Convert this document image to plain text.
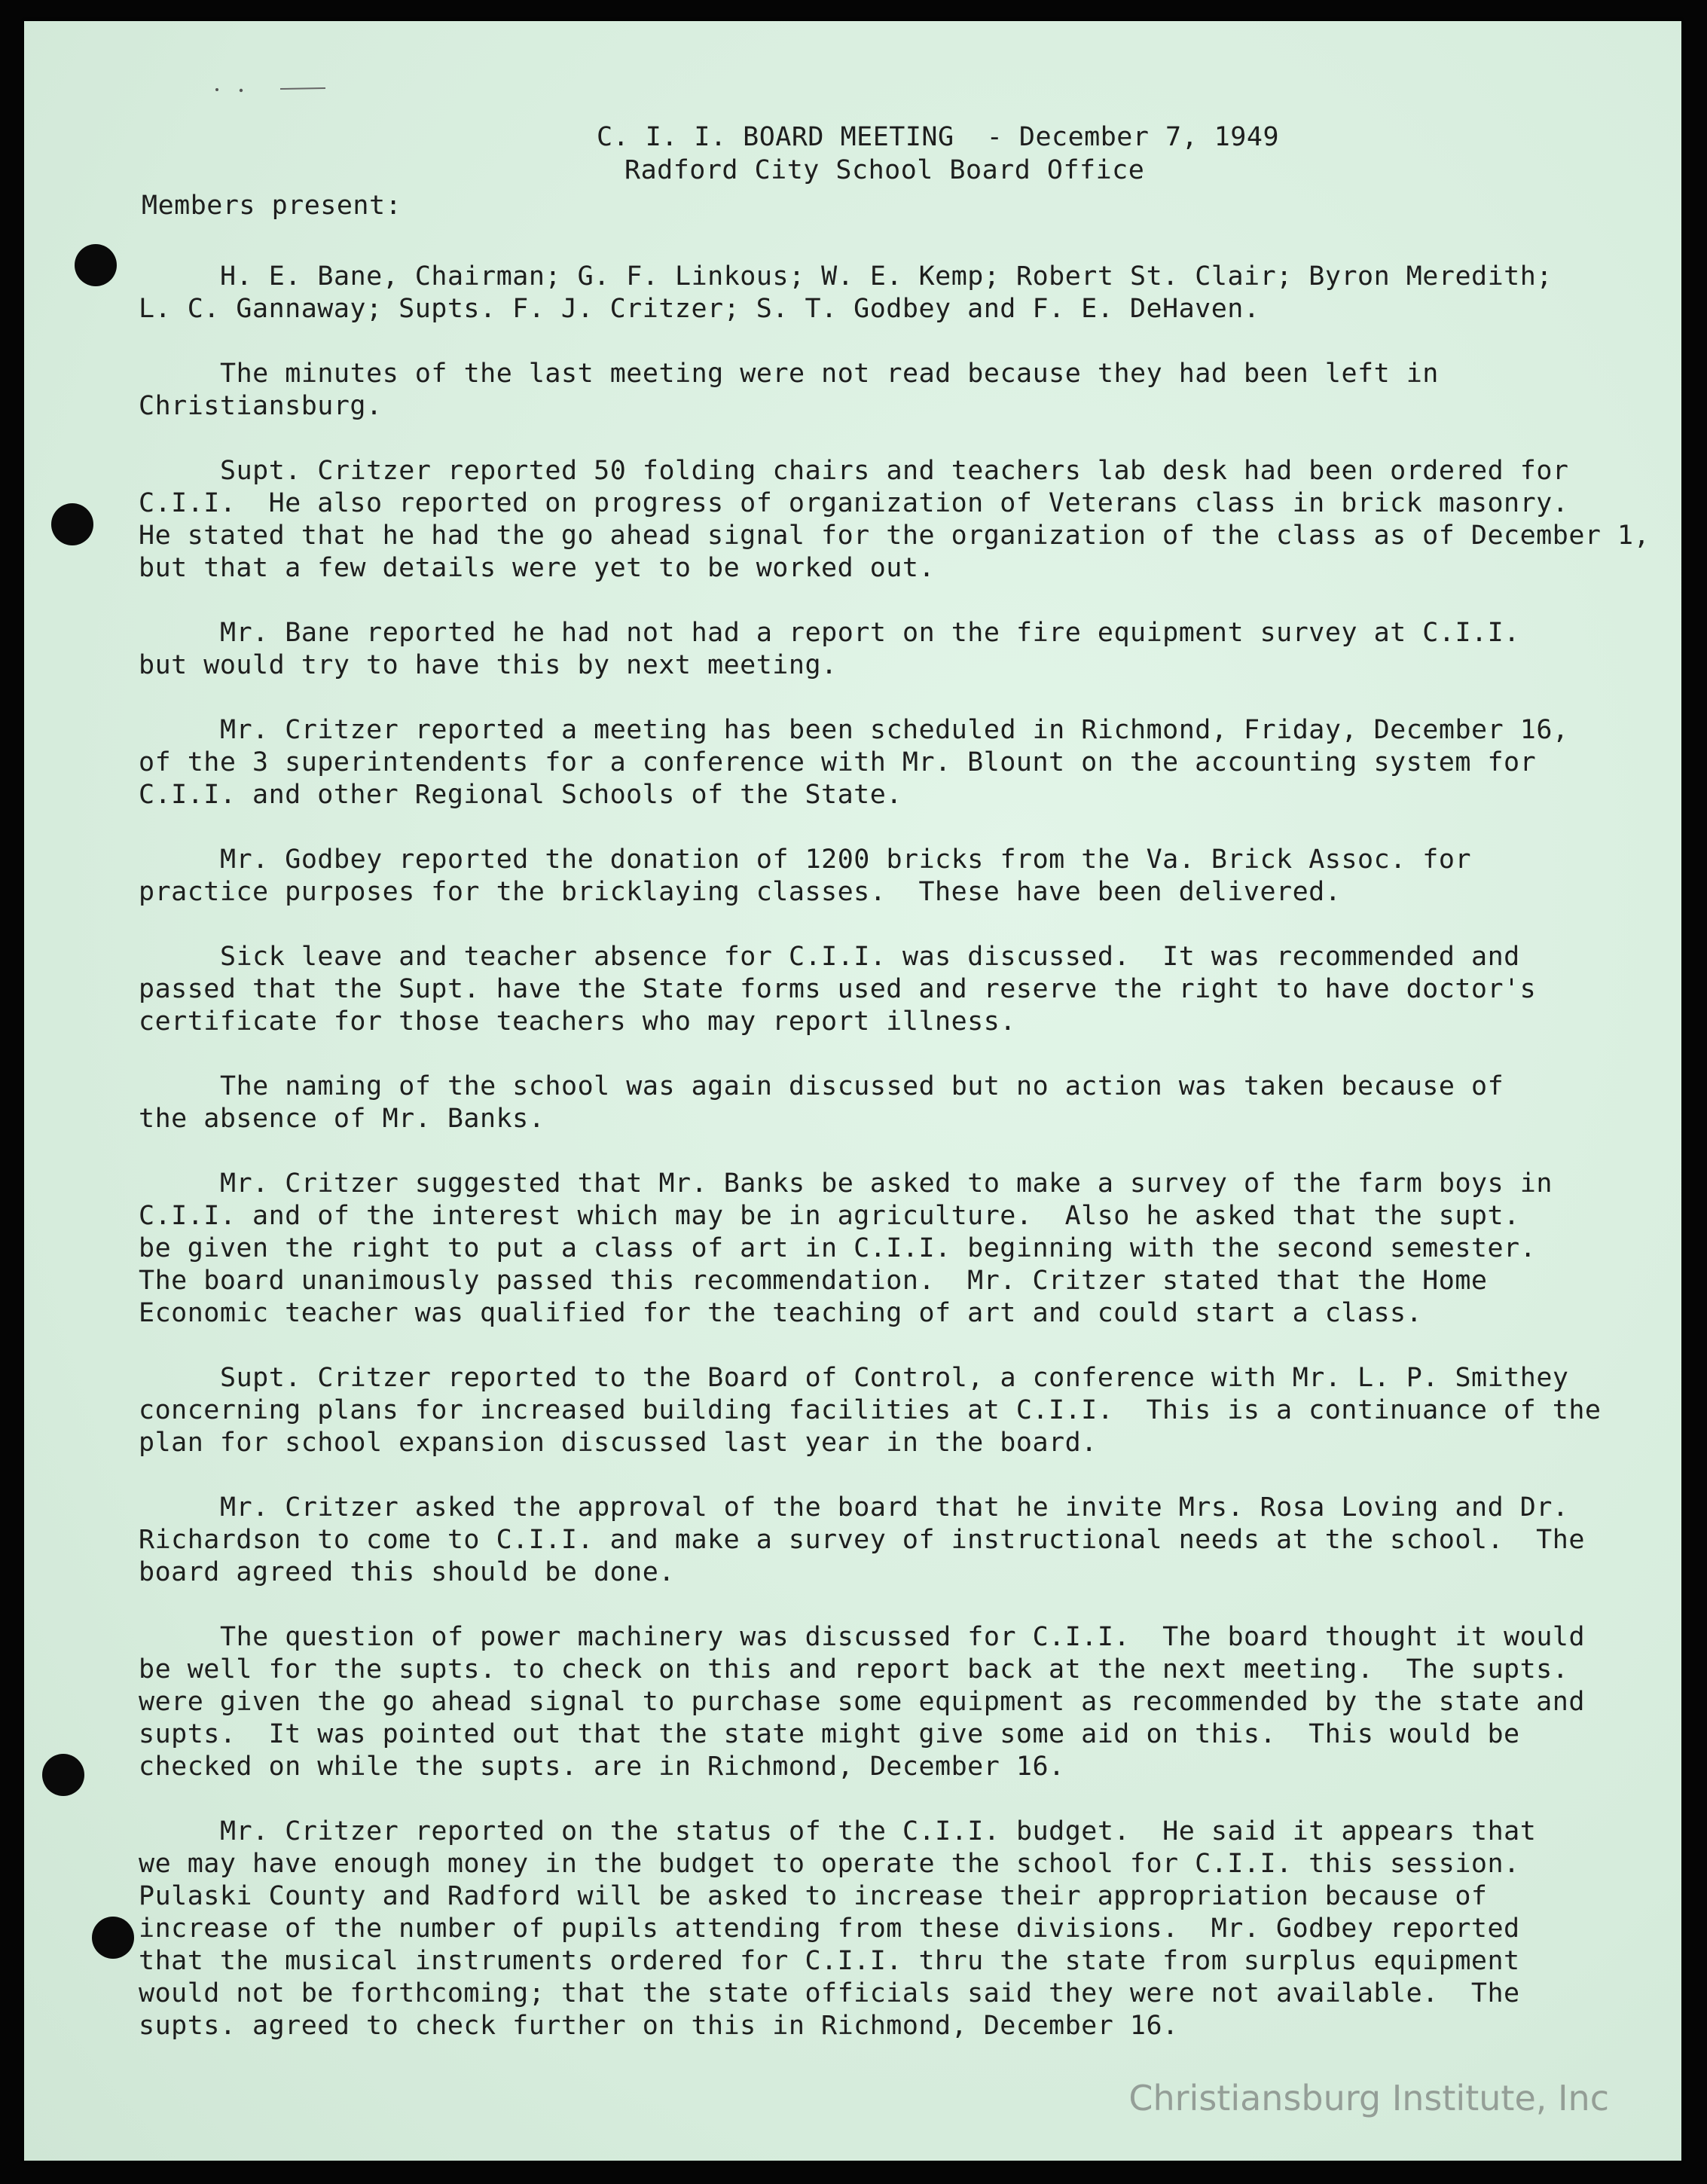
C. I. I. BOARD MEETING  - December 7, 1949
Radford City School Board Office
Members present:
H. E. Bane, Chairman; G. F. Linkous; W. E. Kemp; Robert St. Clair; Byron Meredith;
L. C. Gannaway; Supts. F. J. Critzer; S. T. Godbey and F. E. DeHaven.
The minutes of the last meeting were not read because they had been left in
Christiansburg.
Supt. Critzer reported 50 folding chairs and teachers lab desk had been ordered for
C.I.I.  He also reported on progress of organization of Veterans class in brick masonry.
He stated that he had the go ahead signal for the organization of the class as of December 1,
but that a few details were yet to be worked out.
Mr. Bane reported he had not had a report on the fire equipment survey at C.I.I.
but would try to have this by next meeting.
Mr. Critzer reported a meeting has been scheduled in Richmond, Friday, December 16,
of the 3 superintendents for a conference with Mr. Blount on the accounting system for
C.I.I. and other Regional Schools of the State.
Mr. Godbey reported the donation of 1200 bricks from the Va. Brick Assoc. for
practice purposes for the bricklaying classes.  These have been delivered.
Sick leave and teacher absence for C.I.I. was discussed.  It was recommended and
passed that the Supt. have the State forms used and reserve the right to have doctor's
certificate for those teachers who may report illness.
The naming of the school was again discussed but no action was taken because of
the absence of Mr. Banks.
Mr. Critzer suggested that Mr. Banks be asked to make a survey of the farm boys in
C.I.I. and of the interest which may be in agriculture.  Also he asked that the supt.
be given the right to put a class of art in C.I.I. beginning with the second semester.
The board unanimously passed this recommendation.  Mr. Critzer stated that the Home
Economic teacher was qualified for the teaching of art and could start a class.
Supt. Critzer reported to the Board of Control, a conference with Mr. L. P. Smithey
concerning plans for increased building facilities at C.I.I.  This is a continuance of the
plan for school expansion discussed last year in the board.
Mr. Critzer asked the approval of the board that he invite Mrs. Rosa Loving and Dr.
Richardson to come to C.I.I. and make a survey of instructional needs at the school.  The
board agreed this should be done.
The question of power machinery was discussed for C.I.I.  The board thought it would
be well for the supts. to check on this and report back at the next meeting.  The supts.
were given the go ahead signal to purchase some equipment as recommended by the state and
supts.  It was pointed out that the state might give some aid on this.  This would be
checked on while the supts. are in Richmond, December 16.
Mr. Critzer reported on the status of the C.I.I. budget.  He said it appears that
we may have enough money in the budget to operate the school for C.I.I. this session.
Pulaski County and Radford will be asked to increase their appropriation because of
increase of the number of pupils attending from these divisions.  Mr. Godbey reported
that the musical instruments ordered for C.I.I. thru the state from surplus equipment
would not be forthcoming; that the state officials said they were not available.  The
supts. agreed to check further on this in Richmond, December 16.
Christiansburg Institute, Inc
